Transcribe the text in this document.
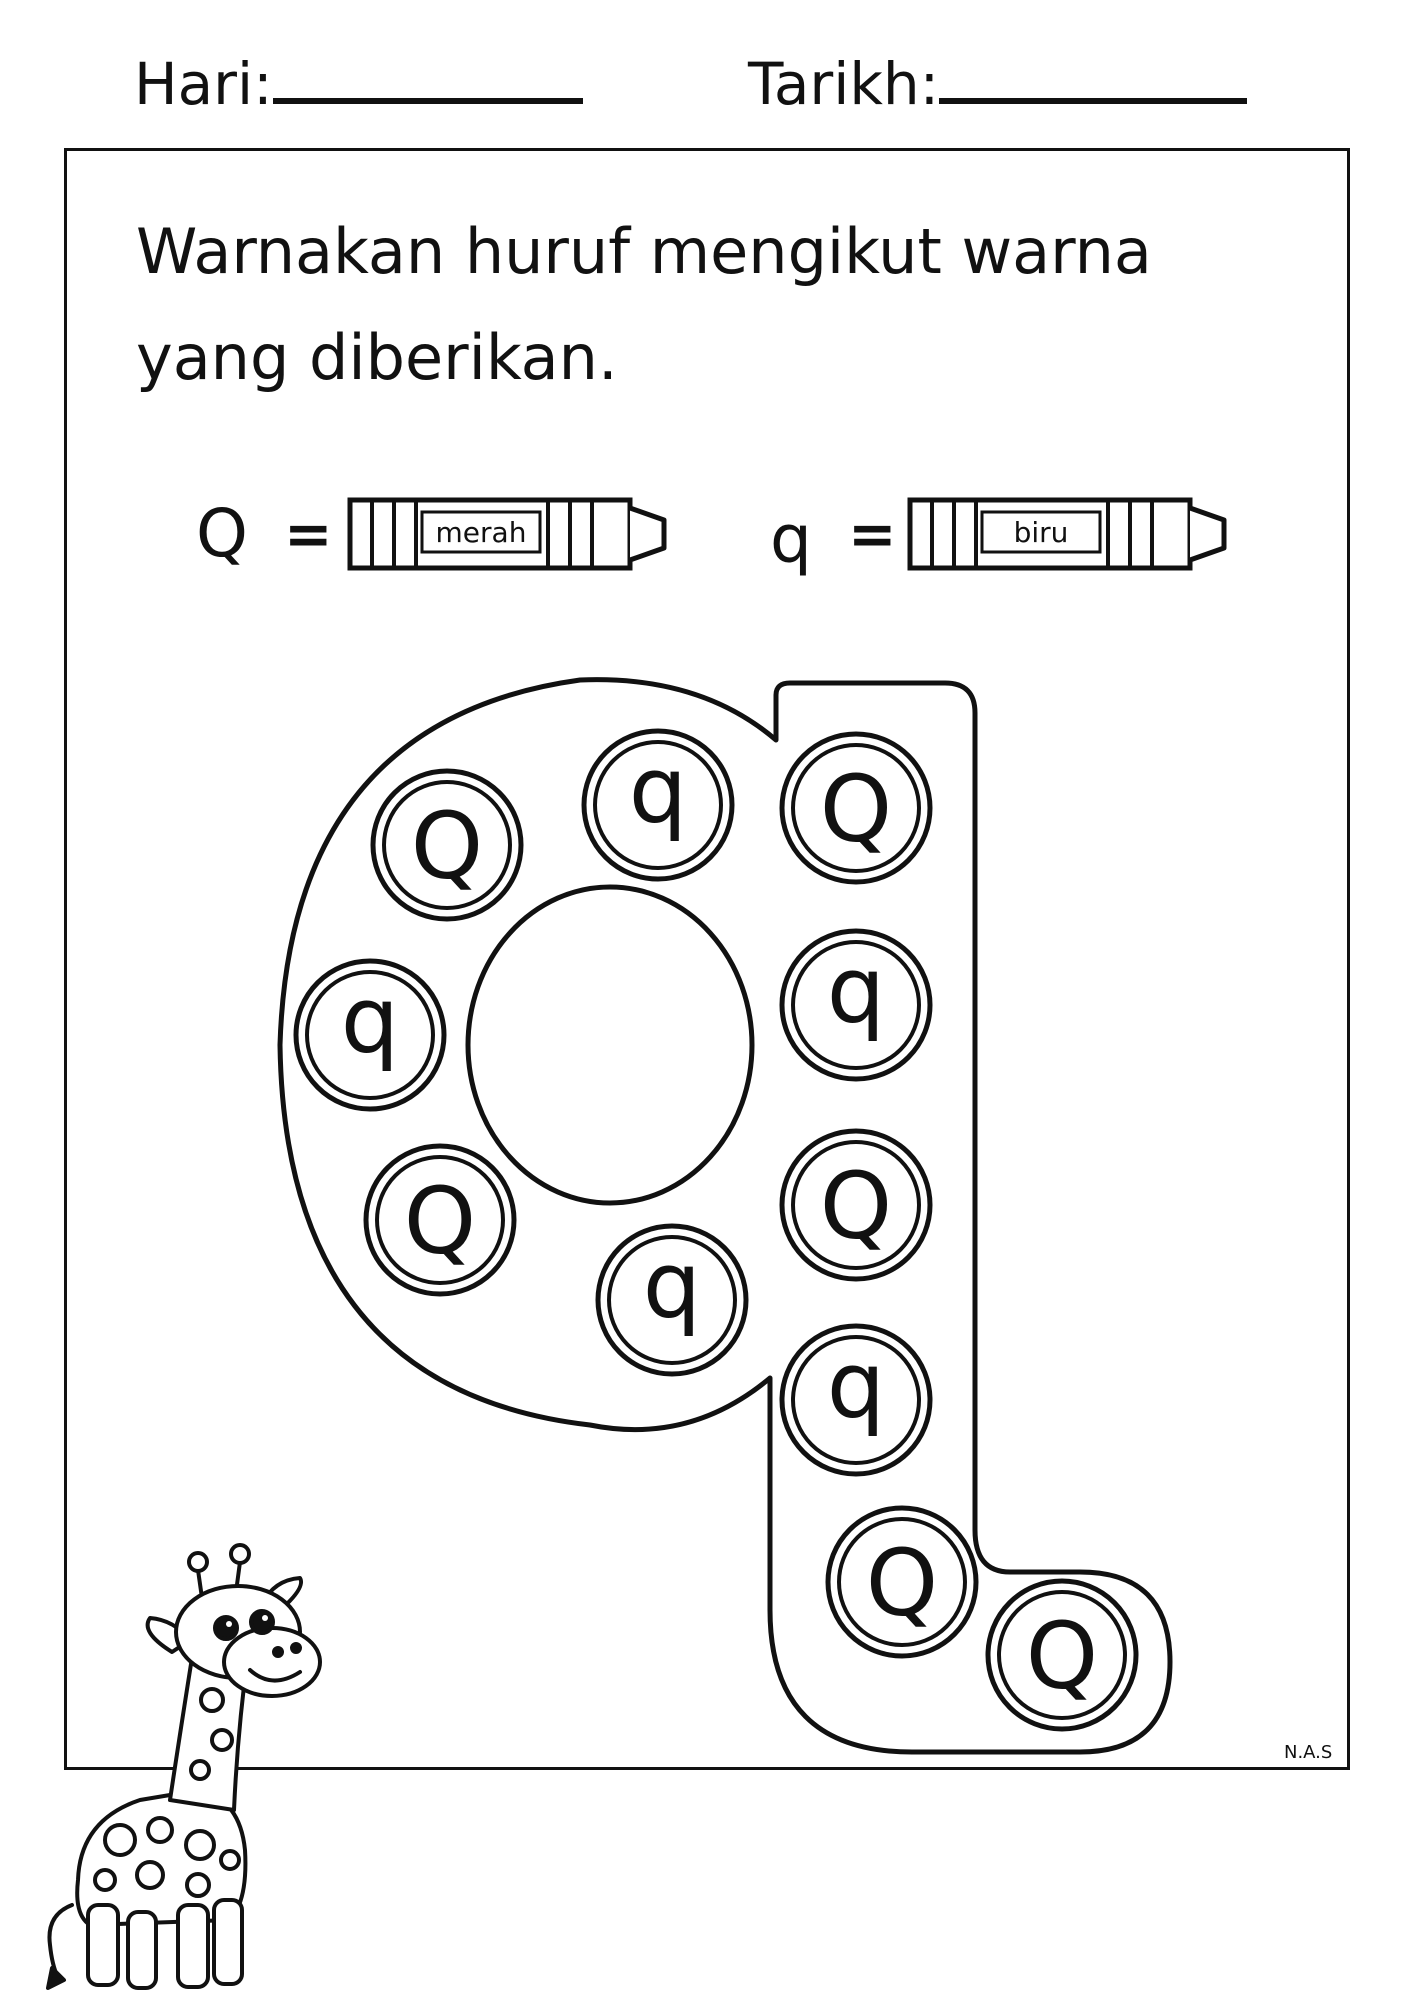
Hari:	Tarikh:
Warnakan huruf mengikut warna
yang diberikan.
Q =	q =
merah	biru
Q
q Q
q	q
Q	Q
q
q
Q
Q
N.A.S
